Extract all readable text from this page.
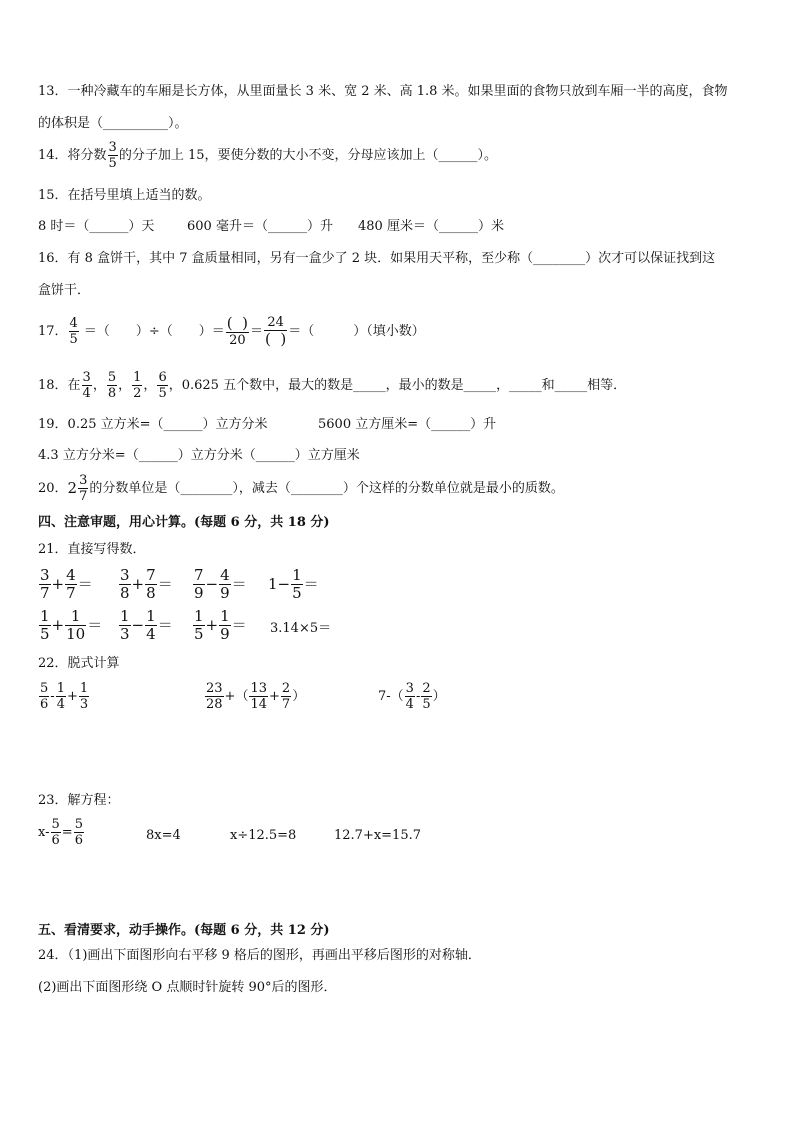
13．一种冷藏车的车厢是长方体，从里面量长 3 米、宽 2 米、高 1.8 米。如果里面的食物只放到车厢一半的高度，食物
的体积是（__________）。
14．将分数 $\frac{3}{5}$ 的分子加上 15，要使分数的大小不变，分母应该加上（______）。
15．在括号里填上适当的数。
8 时＝（______）天	600 毫升＝（______）升 480 厘米＝（______）米
16．有 8 盒饼干，其中 7 盒质量相同，另有一盒少了 2 块．如果用天平称，至少称（________）次才可以保证找到这
盒饼干．
17． $\frac{4}{5}$ ＝（　　）÷（　　）＝ $\frac{( )}{20} = \frac{24}{( )}$ ＝（　　　）（填小数）
18．在 $\frac{3}{4}$ ， $\frac{5}{8}$ ， $\frac{1}{2}$ ， $\frac{6}{5}$ ，0.625 五个数中，最大的数是_____，最小的数是_____，_____和_____相等．
19．0.25 立方米=（______）立方分米	5600 立方厘米=（______）升
4.3 立方分米=（______）立方分米（______）立方厘米
20． $2 \frac{3}{7}$ 的分数单位是（________），减去（________）个这样的分数单位就是最小的质数。
四、注意审题，用心计算。(每题 6 分，共 18 分)
21．直接写得数．
$\frac{3}{7} + \frac{4}{7} = \frac{3}{8} + \frac{7}{8} = \frac{7}{9} - \frac{4}{9} = 1 - \frac{1}{5}$ ＝
$\frac{1}{5} + \frac{1}{10} = \frac{1}{3} - \frac{1}{4} = \frac{1}{5} + \frac{1}{9} = 3.14\times 5=$
22．脱式计算
$\frac{5}{6} - \frac{1}{4} + \frac{1}{3}$	$\frac{23}{28}$ +（ $\frac{13}{14} + \frac{2}{7}$ ）	$7-( \frac{3}{4} - \frac{2}{5}$ ）
23．解方程：
$x- \frac{5}{6} = \frac{5}{6}$	8x=4	x÷12.5=8	12.7+x=15.7
五、看清要求，动手操作。(每题 6 分，共 12 分)
24．（1)画出下面图形向右平移 9 格后的图形，再画出平移后图形的对称轴．
(2)画出下面图形绕 O 点顺时针旋转 90°后的图形．
